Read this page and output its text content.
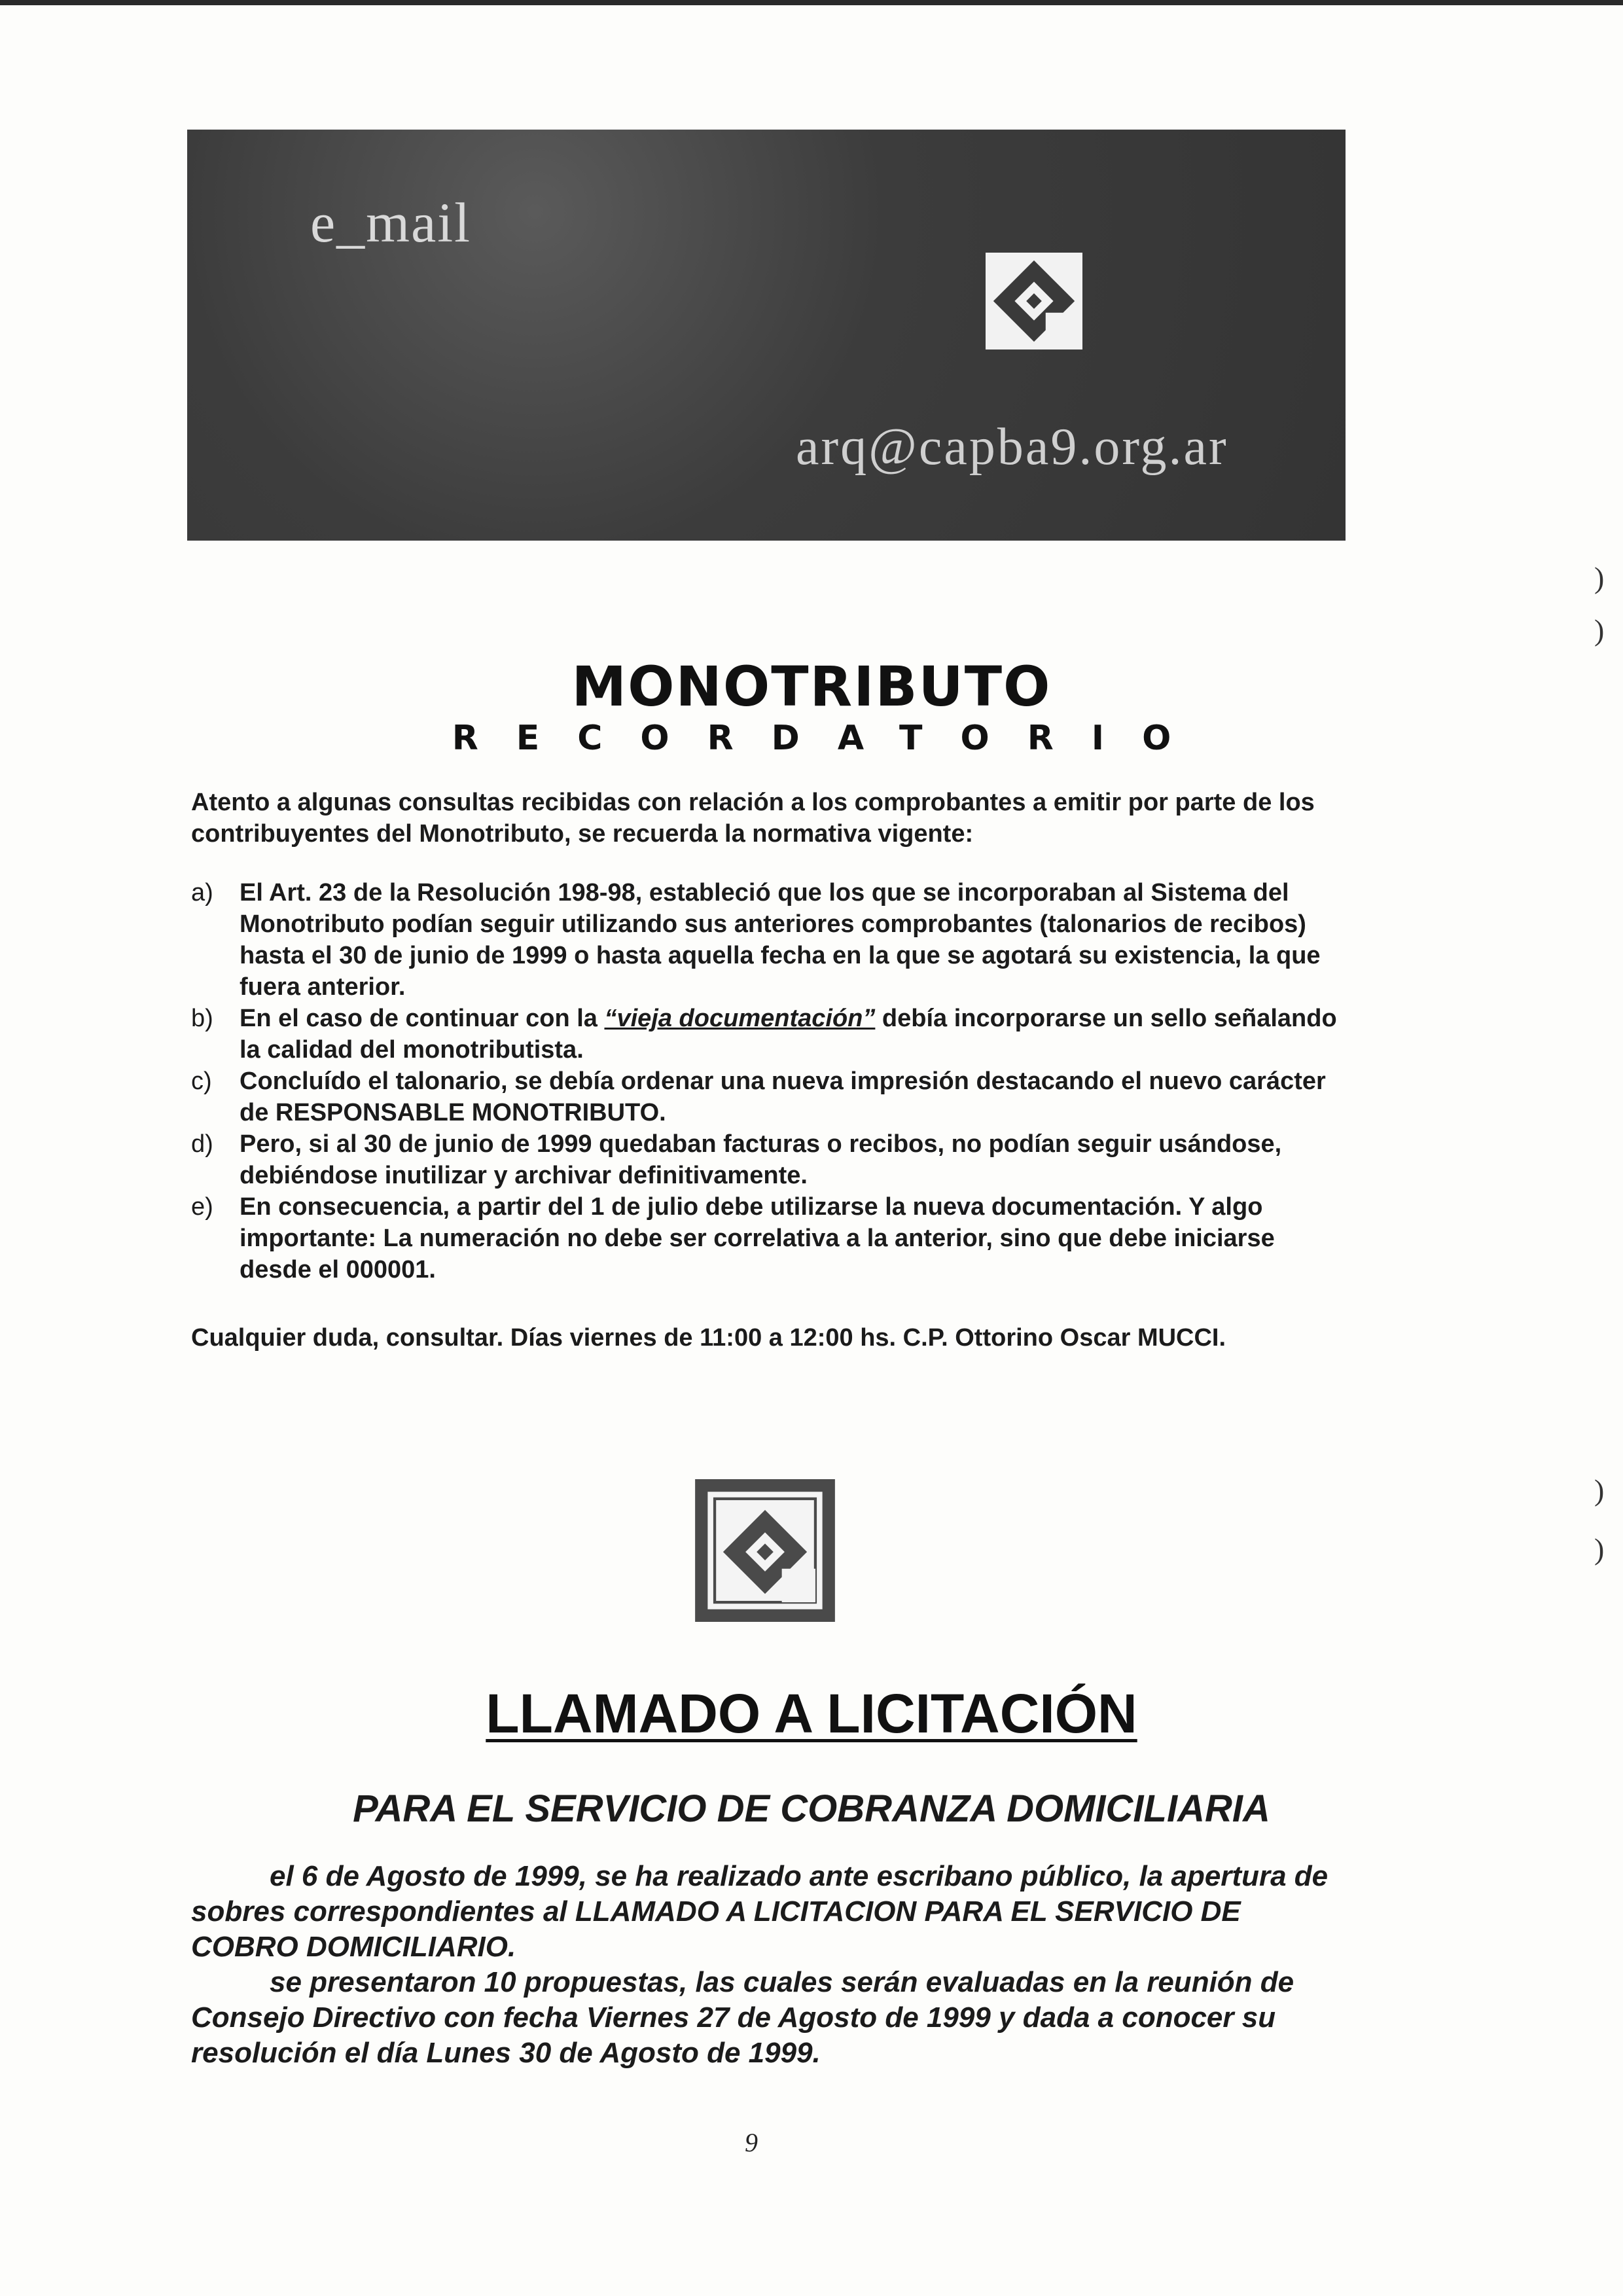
e_mail
arq@capba9.org.ar
MONOTRIBUTO
RECORDATORIO
Atento a algunas consultas recibidas con relación a los comprobantes a emitir por parte de los contribuyentes del Monotributo, se recuerda la normativa vigente:
a) El Art. 23 de la Resolución 198-98, estableció que los que se incorporaban al Sistema del Monotributo podían seguir utilizando sus anteriores comprobantes (talonarios de recibos) hasta el 30 de junio de 1999 o hasta aquella fecha en la que se agotará su existencia, la que fuera anterior.
b) En el caso de continuar con la “vieja documentación” debía incorporarse un sello señalando la calidad del monotributista.
c) Concluído el talonario, se debía ordenar una nueva impresión destacando el nuevo carácter de RESPONSABLE MONOTRIBUTO.
d) Pero, si al 30 de junio de 1999 quedaban facturas o recibos, no podían seguir usándose, debiéndose inutilizar y archivar definitivamente.
e) En consecuencia, a partir del 1 de julio debe utilizarse la nueva documentación. Y algo importante: La numeración no debe ser correlativa a la anterior, sino que debe iniciarse desde el 000001.
Cualquier duda, consultar. Días viernes de 11:00 a 12:00 hs. C.P. Ottorino Oscar MUCCI.
LLAMADO A LICITACIÓN
PARA EL SERVICIO DE COBRANZA DOMICILIARIA
el 6 de Agosto de 1999, se ha realizado ante escribano público, la apertura de sobres correspondientes al LLAMADO A LICITACION PARA EL SERVICIO DE COBRO DOMICILIARIO.
se presentaron 10 propuestas, las cuales serán evaluadas en la reunión de Consejo Directivo con fecha Viernes 27 de Agosto de 1999 y dada a conocer su resolución el día Lunes 30 de Agosto de 1999.
9
)
)
)
)
